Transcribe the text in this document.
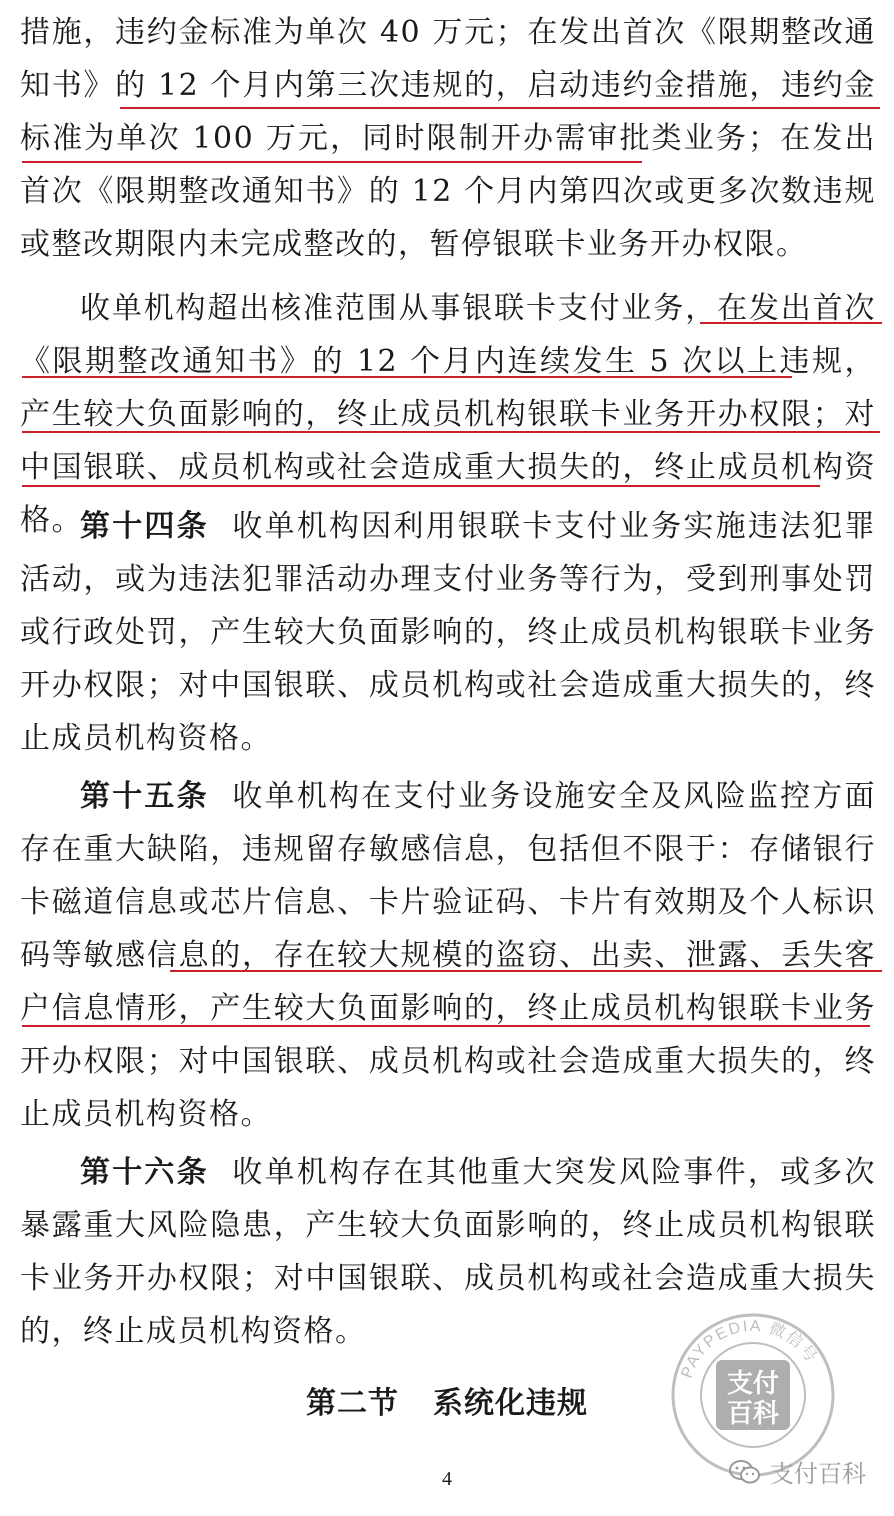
措施，违约金标准为单次 40 万元；在发出首次《限期整改通知书》的 12 个月内第三次违规的，启动违约金措施，违约金标准为单次 100 万元，同时限制开办需审批类业务；在发出首次《限期整改通知书》的 12 个月内第四次或更多次数违规或整改期限内未完成整改的，暂停银联卡业务开办权限。

收单机构超出核准范围从事银联卡支付业务，在发出首次《限期整改通知书》的 12 个月内连续发生 5 次以上违规，产生较大负面影响的，终止成员机构银联卡业务开办权限；对中国银联、成员机构或社会造成重大损失的，终止成员机构资格。

第十四条 收单机构因利用银联卡支付业务实施违法犯罪活动，或为违法犯罪活动办理支付业务等行为，受到刑事处罚或行政处罚，产生较大负面影响的，终止成员机构银联卡业务开办权限；对中国银联、成员机构或社会造成重大损失的，终止成员机构资格。

第十五条 收单机构在支付业务设施安全及风险监控方面存在重大缺陷，违规留存敏感信息，包括但不限于：存储银行卡磁道信息或芯片信息、卡片验证码、卡片有效期及个人标识码等敏感信息的，存在较大规模的盗窃、出卖、泄露、丢失客户信息情形，产生较大负面影响的，终止成员机构银联卡业务开办权限；对中国银联、成员机构或社会造成重大损失的，终止成员机构资格。

第十六条 收单机构存在其他重大突发风险事件，或多次暴露重大风险隐患，产生较大负面影响的，终止成员机构银联卡业务开办权限；对中国银联、成员机构或社会造成重大损失的，终止成员机构资格。

第二节 系统化违规
4
PAYPEDIA 微信号
支付
百科
支付百科
